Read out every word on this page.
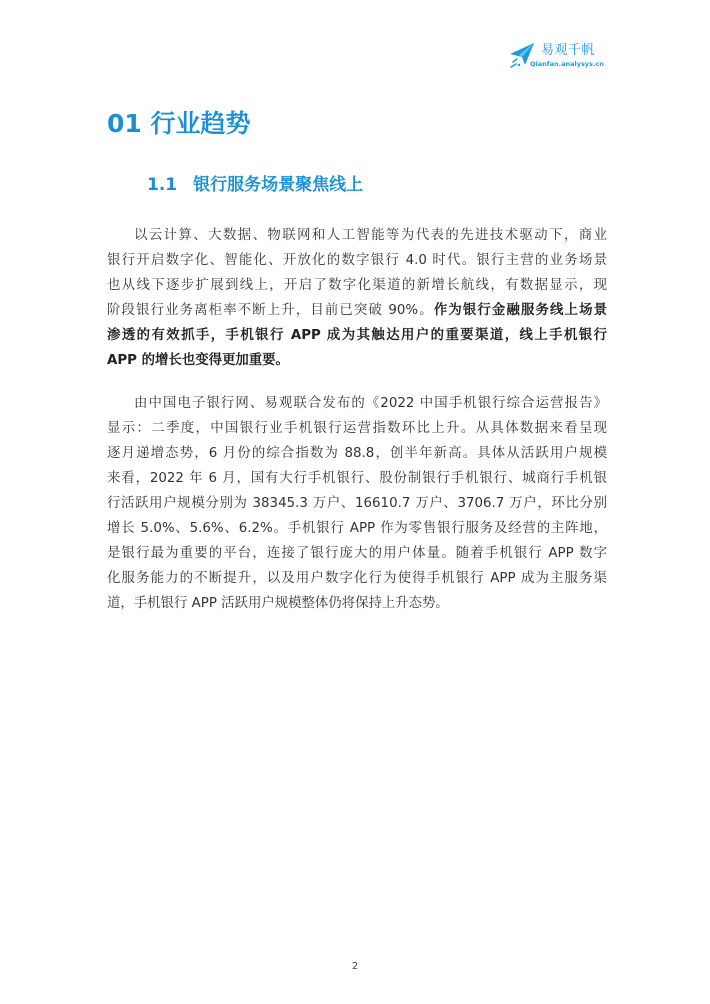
易观千帆
Qianfan.analysys.cn
01 行业趋势
1.1 银行服务场景聚焦线上
以云计算、大数据、物联网和人工智能等为代表的先进技术驱动下，商业
银行开启数字化、智能化、开放化的数字银行 4.0 时代。银行主营的业务场景
也从线下逐步扩展到线上，开启了数字化渠道的新增长航线，有数据显示，现
阶段银行业务离柜率不断上升，目前已突破 90%。作为银行金融服务线上场景
渗透的有效抓手，手机银行 APP 成为其触达用户的重要渠道，线上手机银行
APP 的增长也变得更加重要。
由中国电子银行网、易观联合发布的《2022 中国手机银行综合运营报告》
显示：二季度，中国银行业手机银行运营指数环比上升。从具体数据来看呈现
逐月递增态势，6 月份的综合指数为 88.8，创半年新高。具体从活跃用户规模
来看，2022 年 6 月，国有大行手机银行、股份制银行手机银行、城商行手机银
行活跃用户规模分别为 38345.3 万户、16610.7 万户、3706.7 万户，环比分别
增长 5.0%、5.6%、6.2%。手机银行 APP 作为零售银行服务及经营的主阵地，
是银行最为重要的平台，连接了银行庞大的用户体量。随着手机银行 APP 数字
化服务能力的不断提升，以及用户数字化行为使得手机银行 APP 成为主服务渠
道，手机银行 APP 活跃用户规模整体仍将保持上升态势。
2
